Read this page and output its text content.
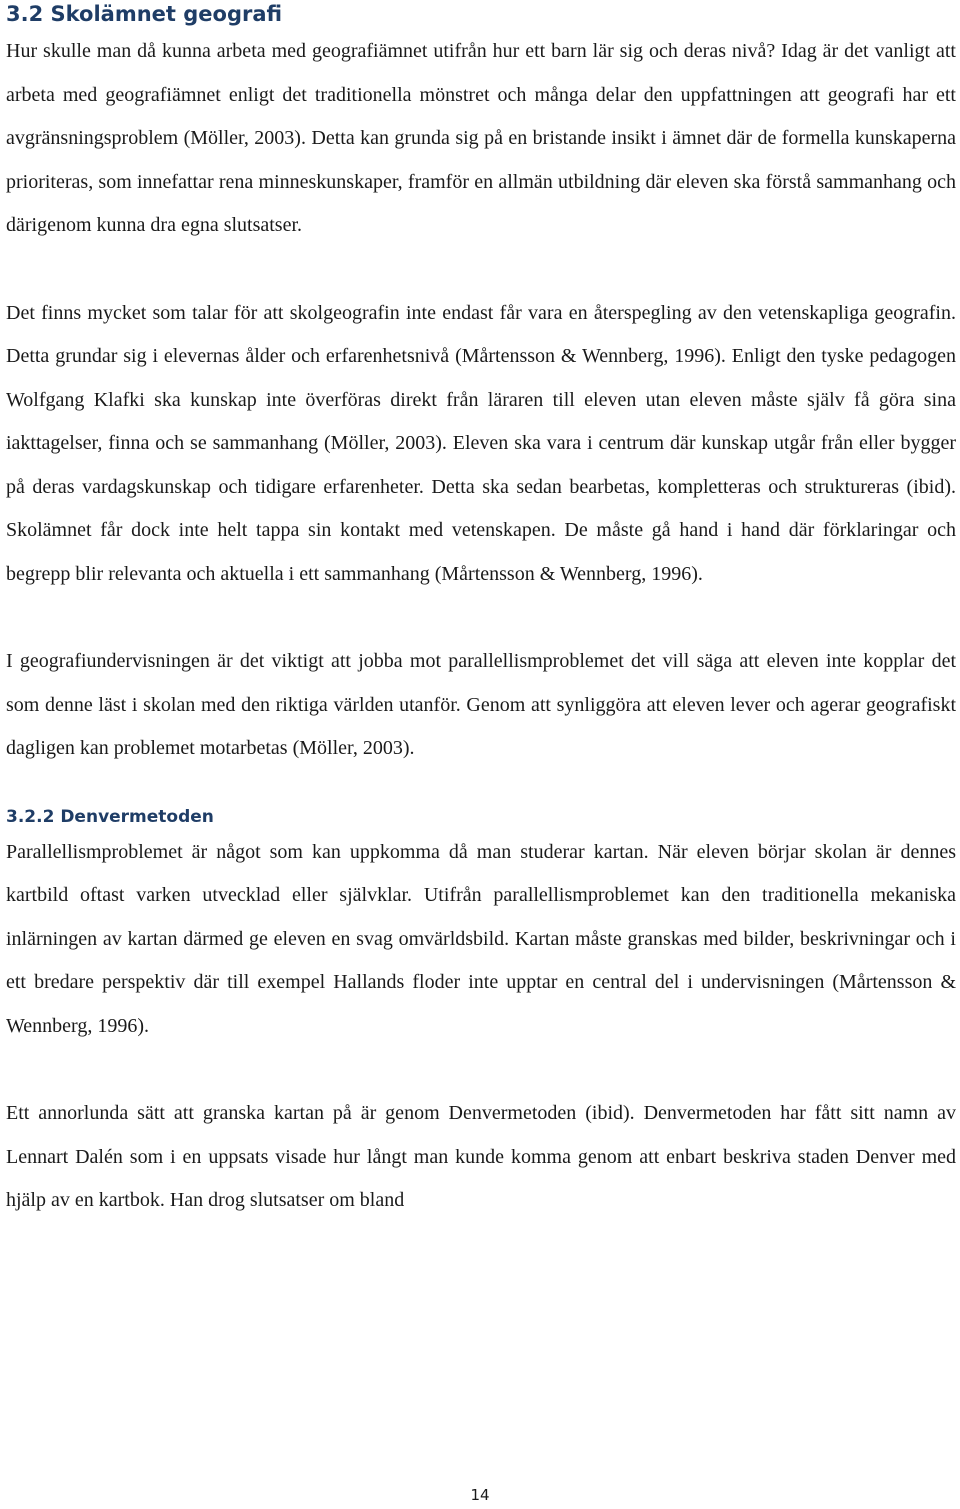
3.2 Skolämnet geografi

Hur skulle man då kunna arbeta med geografiämnet utifrån hur ett barn lär sig och deras nivå? Idag är det vanligt att arbeta med geografiämnet enligt det traditionella mönstret och många delar den uppfattningen att geografi har ett avgränsningsproblem (Möller, 2003). Detta kan grunda sig på en bristande insikt i ämnet där de formella kunskaperna prioriteras, som innefattar rena minneskunskaper, framför en allmän utbildning där eleven ska förstå sammanhang och därigenom kunna dra egna slutsatser.

Det finns mycket som talar för att skolgeografin inte endast får vara en återspegling av den vetenskapliga geografin. Detta grundar sig i elevernas ålder och erfarenhetsnivå (Mårtensson & Wennberg, 1996). Enligt den tyske pedagogen Wolfgang Klafki ska kunskap inte överföras direkt från läraren till eleven utan eleven måste själv få göra sina iakttagelser, finna och se sammanhang (Möller, 2003). Eleven ska vara i centrum där kunskap utgår från eller bygger på deras vardagskunskap och tidigare erfarenheter. Detta ska sedan bearbetas, kompletteras och struktureras (ibid). Skolämnet får dock inte helt tappa sin kontakt med vetenskapen. De måste gå hand i hand där förklaringar och begrepp blir relevanta och aktuella i ett sammanhang (Mårtensson & Wennberg, 1996).

I geografiundervisningen är det viktigt att jobba mot parallellismproblemet det vill säga att eleven inte kopplar det som denne läst i skolan med den riktiga världen utanför. Genom att synliggöra att eleven lever och agerar geografiskt dagligen kan problemet motarbetas (Möller, 2003).

3.2.2 Denvermetoden

Parallellismproblemet är något som kan uppkomma då man studerar kartan. När eleven börjar skolan är dennes kartbild oftast varken utvecklad eller självklar. Utifrån parallellismproblemet kan den traditionella mekaniska inlärningen av kartan därmed ge eleven en svag omvärldsbild. Kartan måste granskas med bilder, beskrivningar och i ett bredare perspektiv där till exempel Hallands floder inte upptar en central del i undervisningen (Mårtensson & Wennberg, 1996).

Ett annorlunda sätt att granska kartan på är genom Denvermetoden (ibid). Denvermetoden har fått sitt namn av Lennart Dalén som i en uppsats visade hur långt man kunde komma genom att enbart beskriva staden Denver med hjälp av en kartbok. Han drog slutsatser om bland

14
